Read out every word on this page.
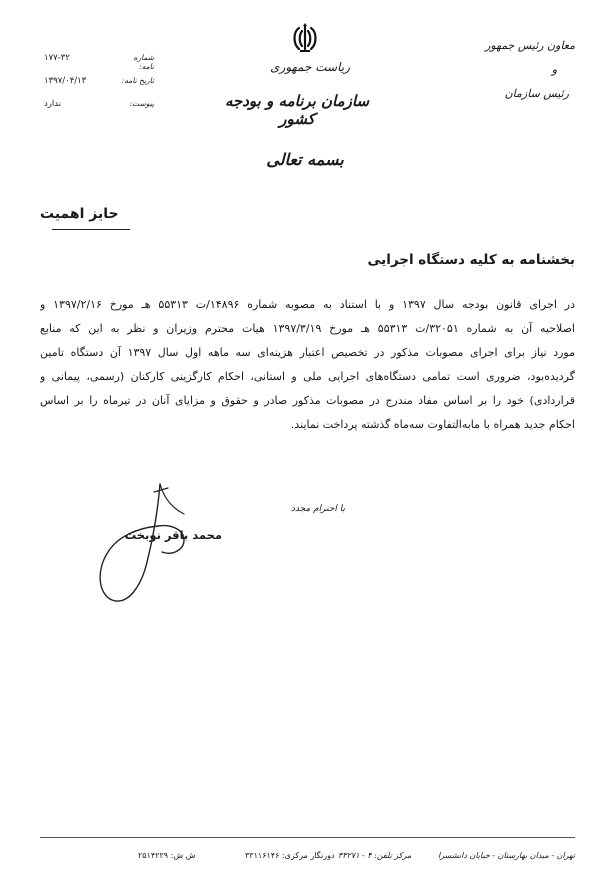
معاون رئیس جمهور
و
رئیس سازمان
ریاست جمهوری
سازمان برنامه و بودجه کشور
شماره نامه:
۱۷۷-۳۲
تاریخ نامه:
۱۳۹۷/۰۴/۱۳
پیوست:
ندارد
بسمه تعالی
حایز اهمیت
بخشنامه به کلیه دستگاه اجرایی
در اجرای قانون بودجه سال ۱۳۹۷ و با استناد به مصوبه شماره ۱۴۸۹۶/ت ۵۵۳۱۳ هـ مورخ ۱۳۹۷/۲/۱۶ و
اصلاحیه آن به شماره ۳۲۰۵۱/ت ۵۵۳۱۳ هـ مورخ ۱۳۹۷/۳/۱۹ هیات محترم وزیران و نظر به این که منابع
مورد نیاز برای اجرای مصوبات مذکور در تخصیص اعتبار هزینه‌ای سه ماهه اول سال ۱۳۹۷ آن دستگاه تامین
گردیده‌بود، ضروری است تمامی دستگاه‌های اجرایی ملی و استانی، احکام کارگزینی کارکنان (رسمی، پیمانی و
قراردادی) خود را بر اساس مفاد مندرج در مصوبات مذکور صادر و حقوق و مزایای آنان در تیرماه را بر اساس
احکام جدید همراه با مابه‌التفاوت سه‌ماه گذشته پرداخت نمایند.
با احترام مجدد
محمد باقر نوبخت
تهران - میدان بهارستان - خیابان دانشسرا
مرکز تلفن: ۴ - ۳۳۲۷۱
دورنگار مرکزی: ۳۳۱۱۶۱۴۶
ش ش: ۲۵۱۴۲۲۹
